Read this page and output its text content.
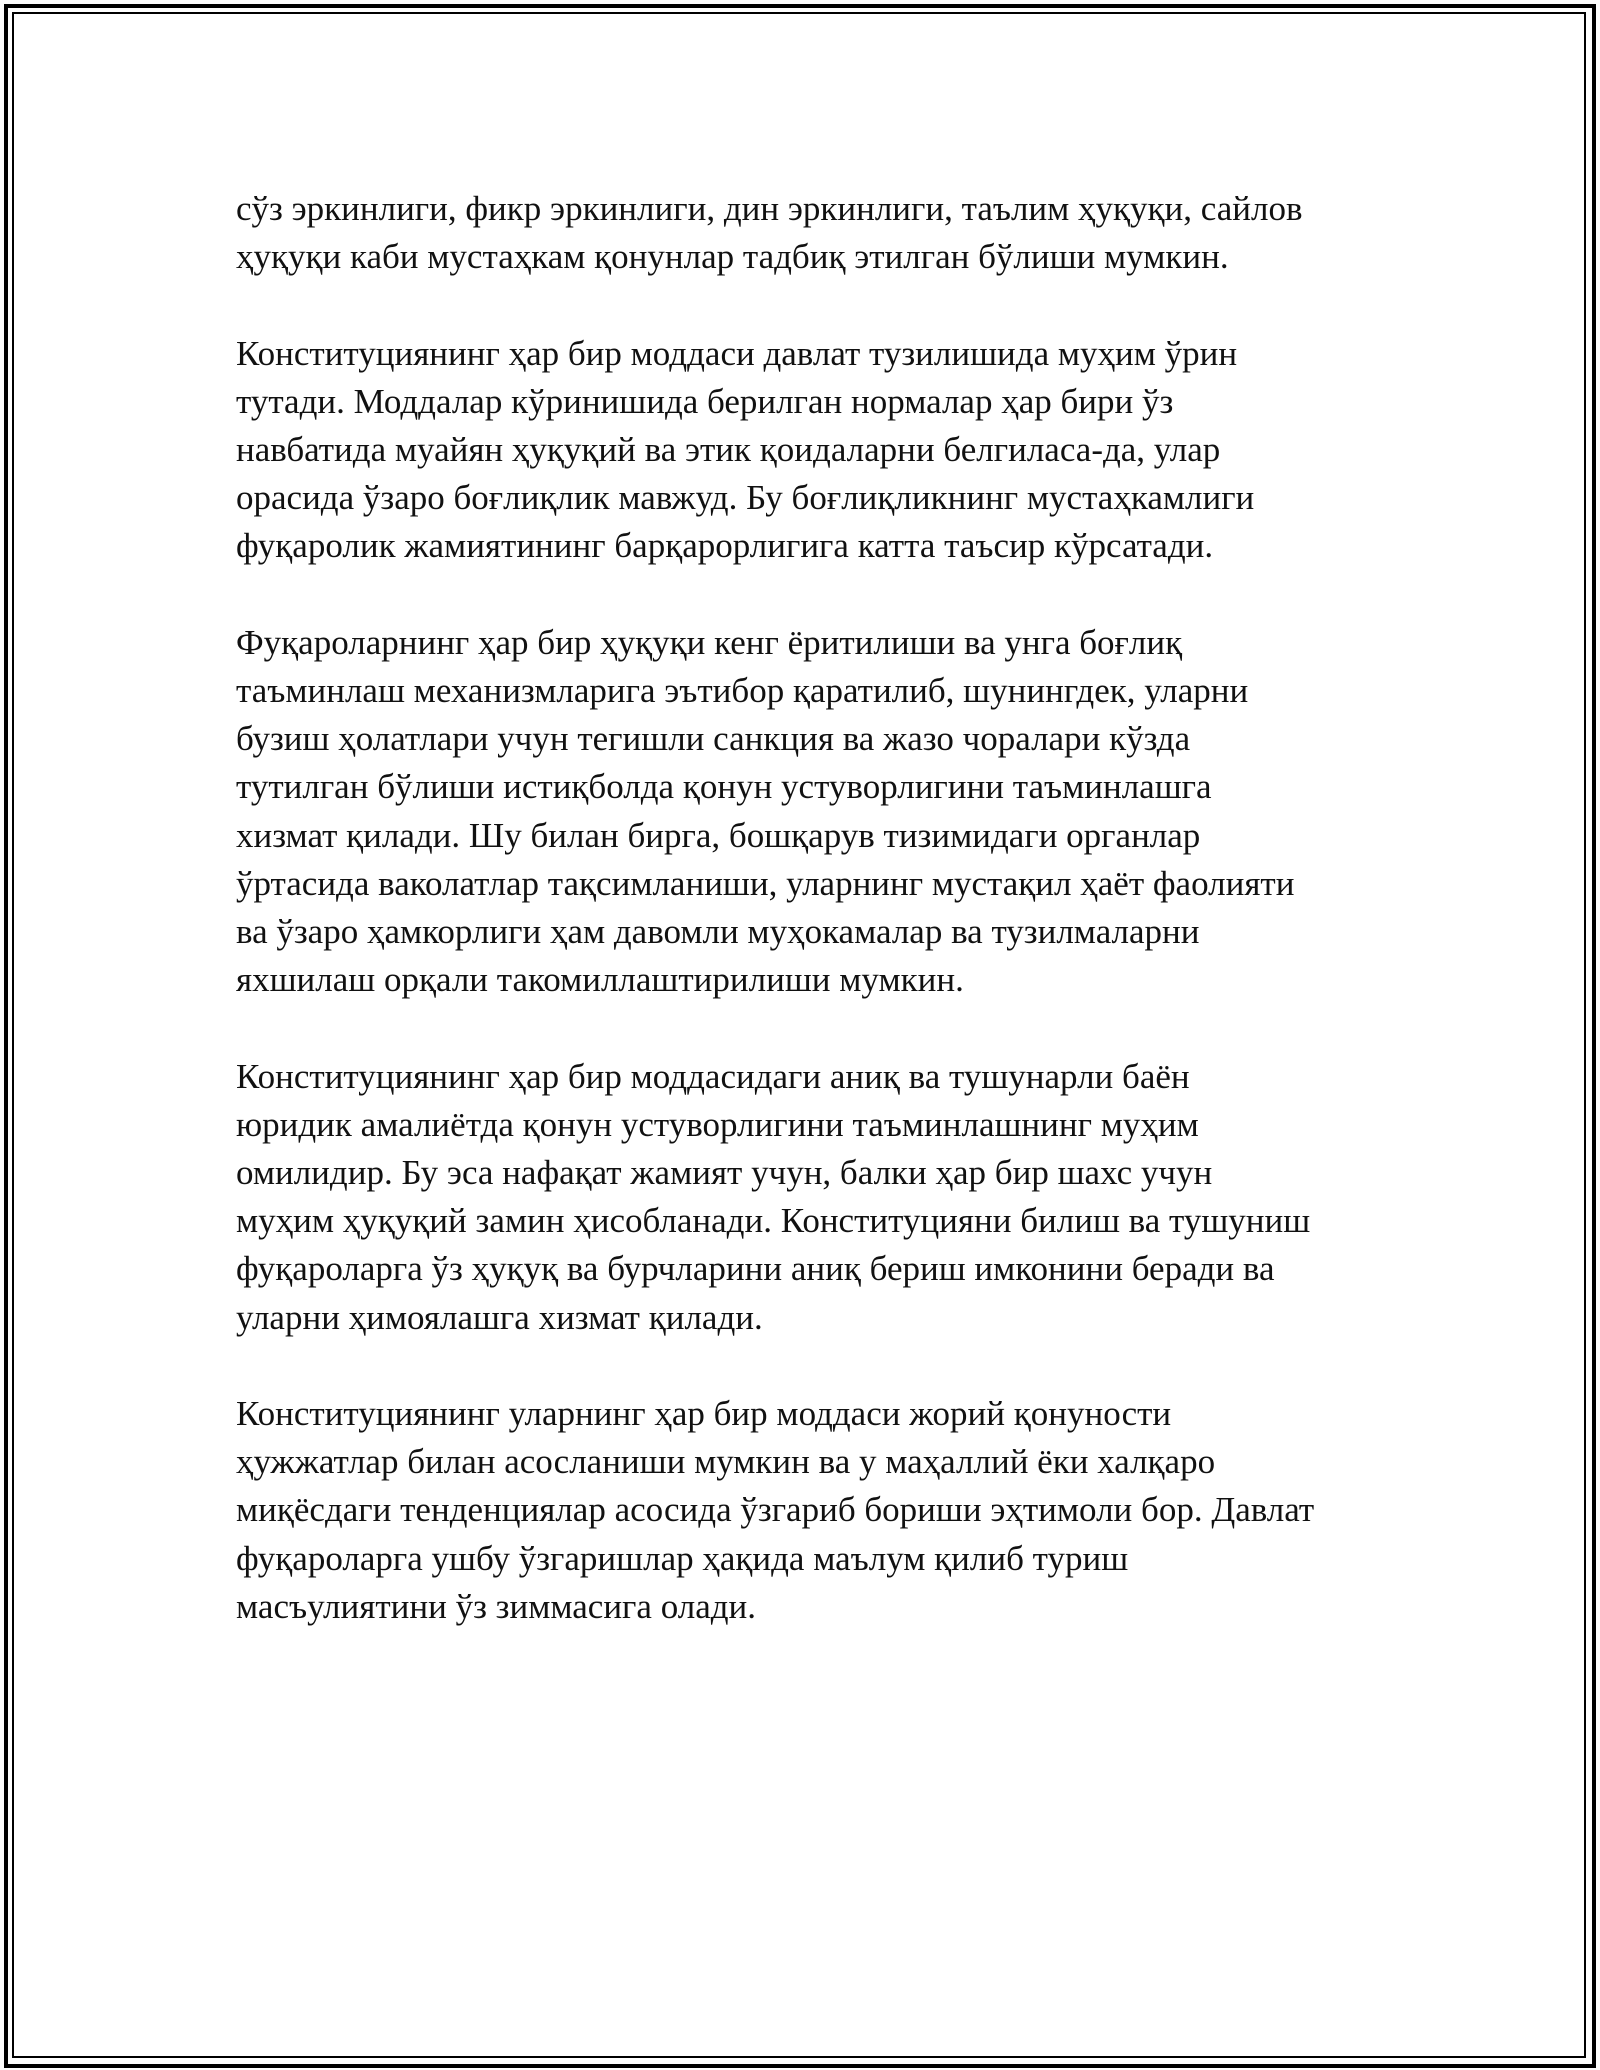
сўз эркинлиги, фикр эркинлиги, дин эркинлиги, таълим ҳуқуқи, сайлов
ҳуқуқи каби мустаҳкам қонунлар тадбиқ этилган бўлиши мумкин.

Конституциянинг ҳар бир моддаси давлат тузилишида муҳим ўрин
тутади. Моддалар кўринишида берилган нормалар ҳар бири ўз
навбатида муайян ҳуқуқий ва этик қоидаларни белгиласа-да, улар
орасида ўзаро боғлиқлик мавжуд. Бу боғлиқликнинг мустаҳкамлиги
фуқаролик жамиятининг барқарорлигига катта таъсир кўрсатади.

Фуқароларнинг ҳар бир ҳуқуқи кенг ёритилиши ва унга боғлиқ
таъминлаш механизмларига эътибор қаратилиб, шунингдек, уларни
бузиш ҳолатлари учун тегишли санкция ва жазо чоралари кўзда
тутилган бўлиши истиқболда қонун устуворлигини таъминлашга
хизмат қилади. Шу билан бирга, бошқарув тизимидаги органлар
ўртасида ваколатлар тақсимланиши, уларнинг мустақил ҳаёт фаолияти
ва ўзаро ҳамкорлиги ҳам давомли муҳокамалар ва тузилмаларни
яхшилаш орқали такомиллаштирилиши мумкин.

Конституциянинг ҳар бир моддасидаги аниқ ва тушунарли баён
юридик амалиётда қонун устуворлигини таъминлашнинг муҳим
омилидир. Бу эса нафақат жамият учун, балки ҳар бир шахс учун
муҳим ҳуқуқий замин ҳисобланади. Конституцияни билиш ва тушуниш
фуқароларга ўз ҳуқуқ ва бурчларини аниқ бериш имконини беради ва
уларни ҳимоялашга хизмат қилади.

Конституциянинг уларнинг ҳар бир моддаси жорий қонуности
ҳужжатлар билан асосланиши мумкин ва у маҳаллий ёки халқаро
миқёсдаги тенденциялар асосида ўзгариб бориши эҳтимоли бор. Давлат
фуқароларга ушбу ўзгаришлар ҳақида маълум қилиб туриш
масъулиятини ўз зиммасига олади.
